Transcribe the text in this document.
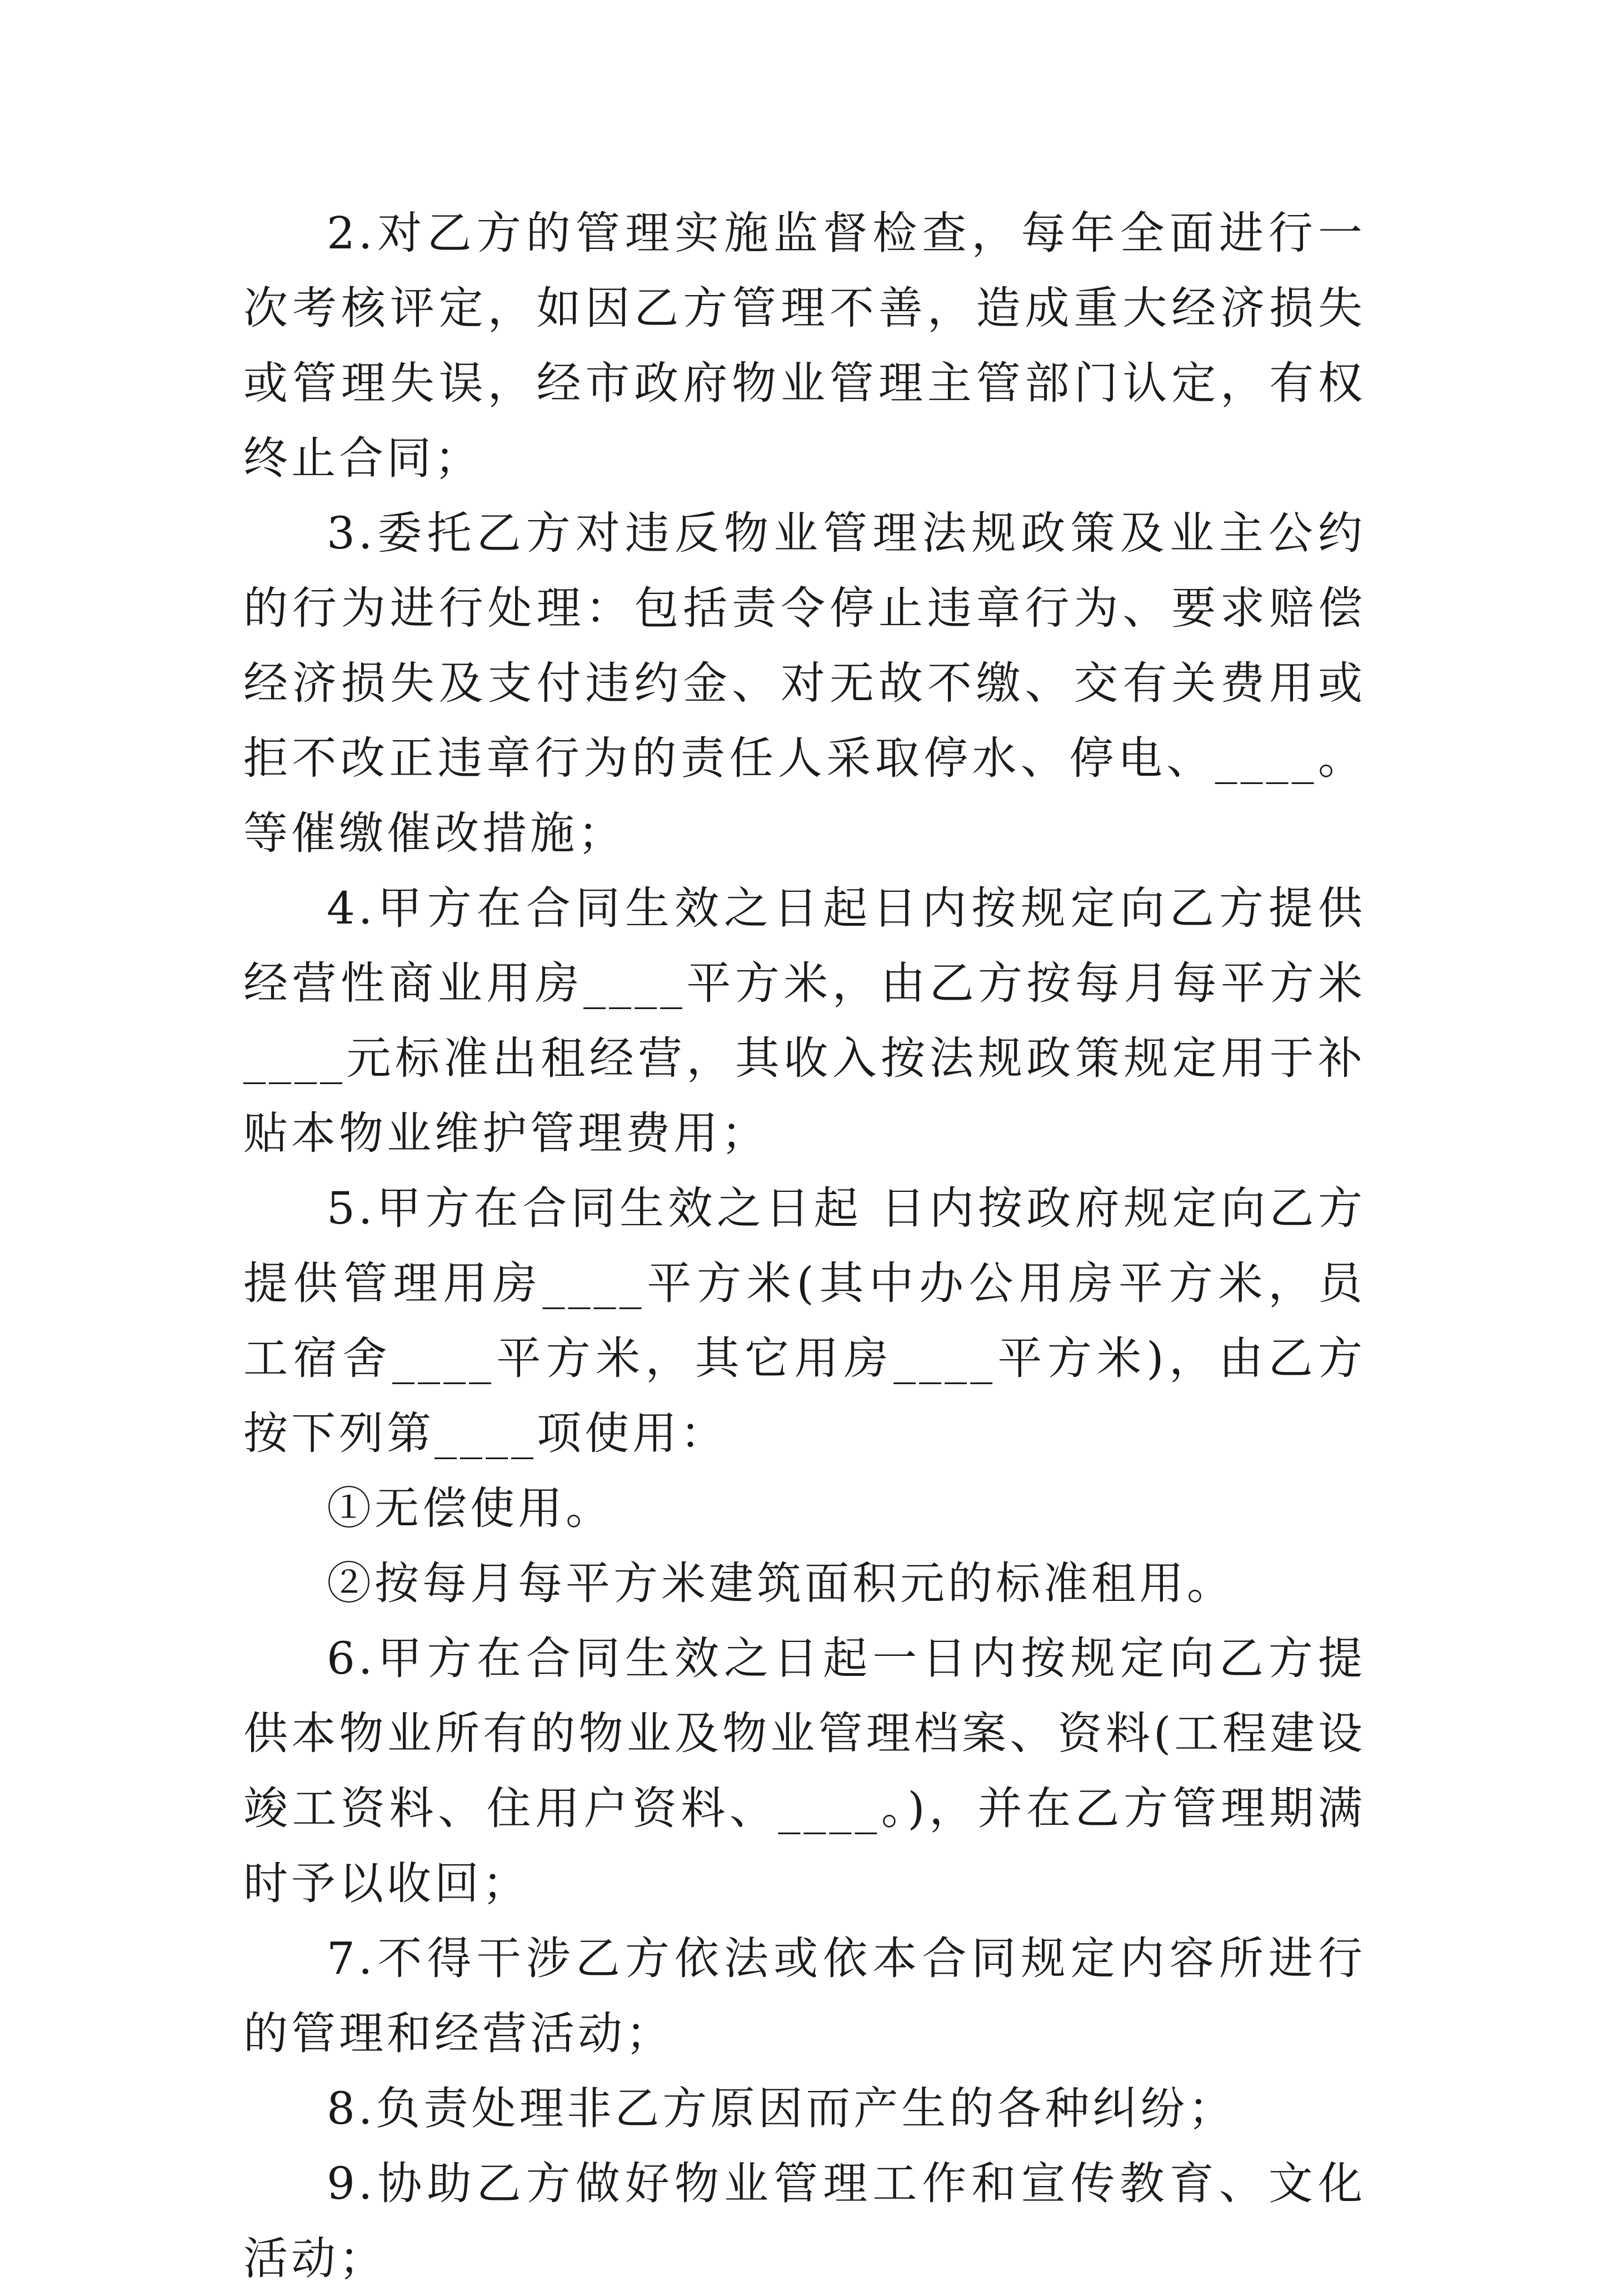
2.对乙方的管理实施监督检查，每年全面进行一次考核评定，如因乙方管理不善，造成重大经济损失或管理失误，经市政府物业管理主管部门认定，有权终止合同；

3.委托乙方对违反物业管理法规政策及业主公约的行为进行处理：包括责令停止违章行为、要求赔偿经济损失及支付违约金、对无故不缴、交有关费用或拒不改正违章行为的责任人采取停水、停电、____。等催缴催改措施；

4.甲方在合同生效之日起日内按规定向乙方提供经营性商业用房____平方米，由乙方按每月每平方米____元标准出租经营，其收入按法规政策规定用于补贴本物业维护管理费用；

5.甲方在合同生效之日起 日内按政府规定向乙方提供管理用房____平方米(其中办公用房平方米，员工宿舍____平方米，其它用房____平方米)，由乙方按下列第____项使用：

①无偿使用。

②按每月每平方米建筑面积元的标准租用。

6.甲方在合同生效之日起一日内按规定向乙方提供本物业所有的物业及物业管理档案、资料(工程建设竣工资料、住用户资料、____。)，并在乙方管理期满时予以收回；

7.不得干涉乙方依法或依本合同规定内容所进行的管理和经营活动；

8.负责处理非乙方原因而产生的各种纠纷；

9.协助乙方做好物业管理工作和宣传教育、文化活动；
